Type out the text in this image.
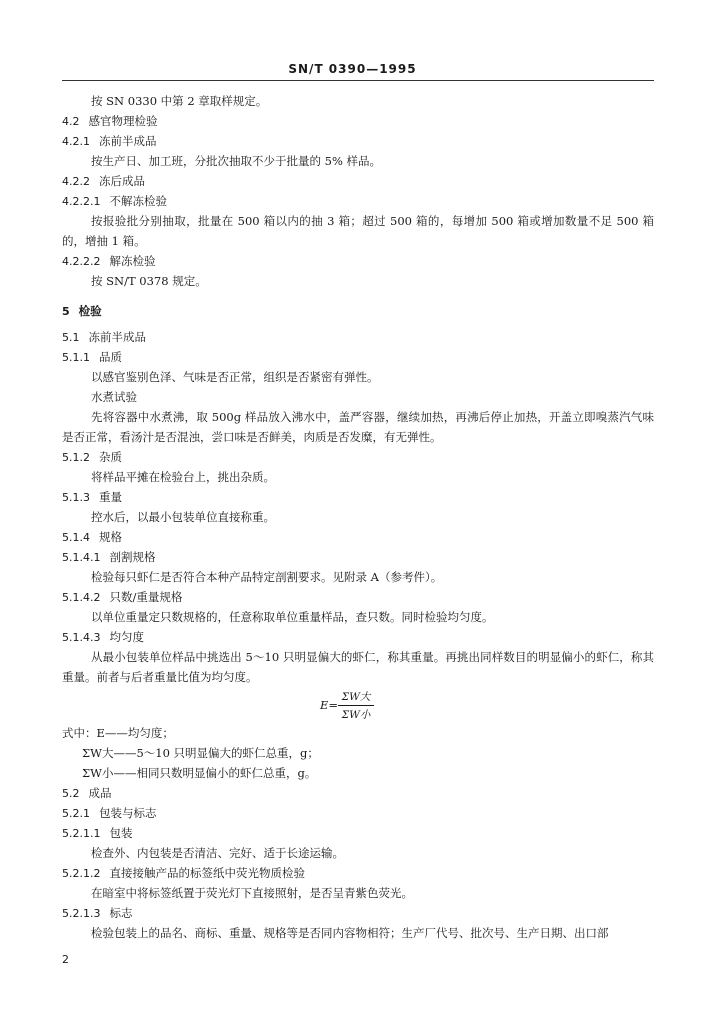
SN/T 0390—1995
按 SN 0330 中第 2 章取样规定。
4.2 感官物理检验
4.2.1 冻前半成品
按生产日、加工班，分批次抽取不少于批量的 5% 样品。
4.2.2 冻后成品
4.2.2.1 不解冻检验
按报验批分别抽取，批量在 500 箱以内的抽 3 箱；超过 500 箱的，每增加 500 箱或增加数量不足 500 箱的，增抽 1 箱。
4.2.2.2 解冻检验
按 SN/T 0378 规定。
5 检验
5.1 冻前半成品
5.1.1 品质
以感官鉴别色泽、气味是否正常，组织是否紧密有弹性。
水煮试验
先将容器中水煮沸，取 500g 样品放入沸水中，盖严容器，继续加热，再沸后停止加热，开盖立即嗅蒸汽气味是否正常，看汤汁是否混浊，尝口味是否鲜美，肉质是否发糜，有无弹性。
5.1.2 杂质
将样品平摊在检验台上，挑出杂质。
5.1.3 重量
控水后，以最小包装单位直接称重。
5.1.4 规格
5.1.4.1 剖割规格
检验每只虾仁是否符合本种产品特定剖割要求。见附录 A（参考件）。
5.1.4.2 只数/重量规格
以单位重量定只数规格的，任意称取单位重量样品，查只数。同时检验均匀度。
5.1.4.3 均匀度
从最小包装单位样品中挑选出 5～10 只明显偏大的虾仁，称其重量。再挑出同样数目的明显偏小的虾仁，称其重量。前者与后者重量比值为均匀度。
E=
ΣW大
ΣW小
式中：E——均匀度；
ΣW大——5～10 只明显偏大的虾仁总重，g；
ΣW小——相同只数明显偏小的虾仁总重，g。
5.2 成品
5.2.1 包装与标志
5.2.1.1 包装
检查外、内包装是否清洁、完好、适于长途运输。
5.2.1.2 直接接触产品的标签纸中荧光物质检验
在暗室中将标签纸置于荧光灯下直接照射，是否呈青紫色荧光。
5.2.1.3 标志
检验包装上的品名、商标、重量、规格等是否同内容物相符；生产厂代号、批次号、生产日期、出口部
2
